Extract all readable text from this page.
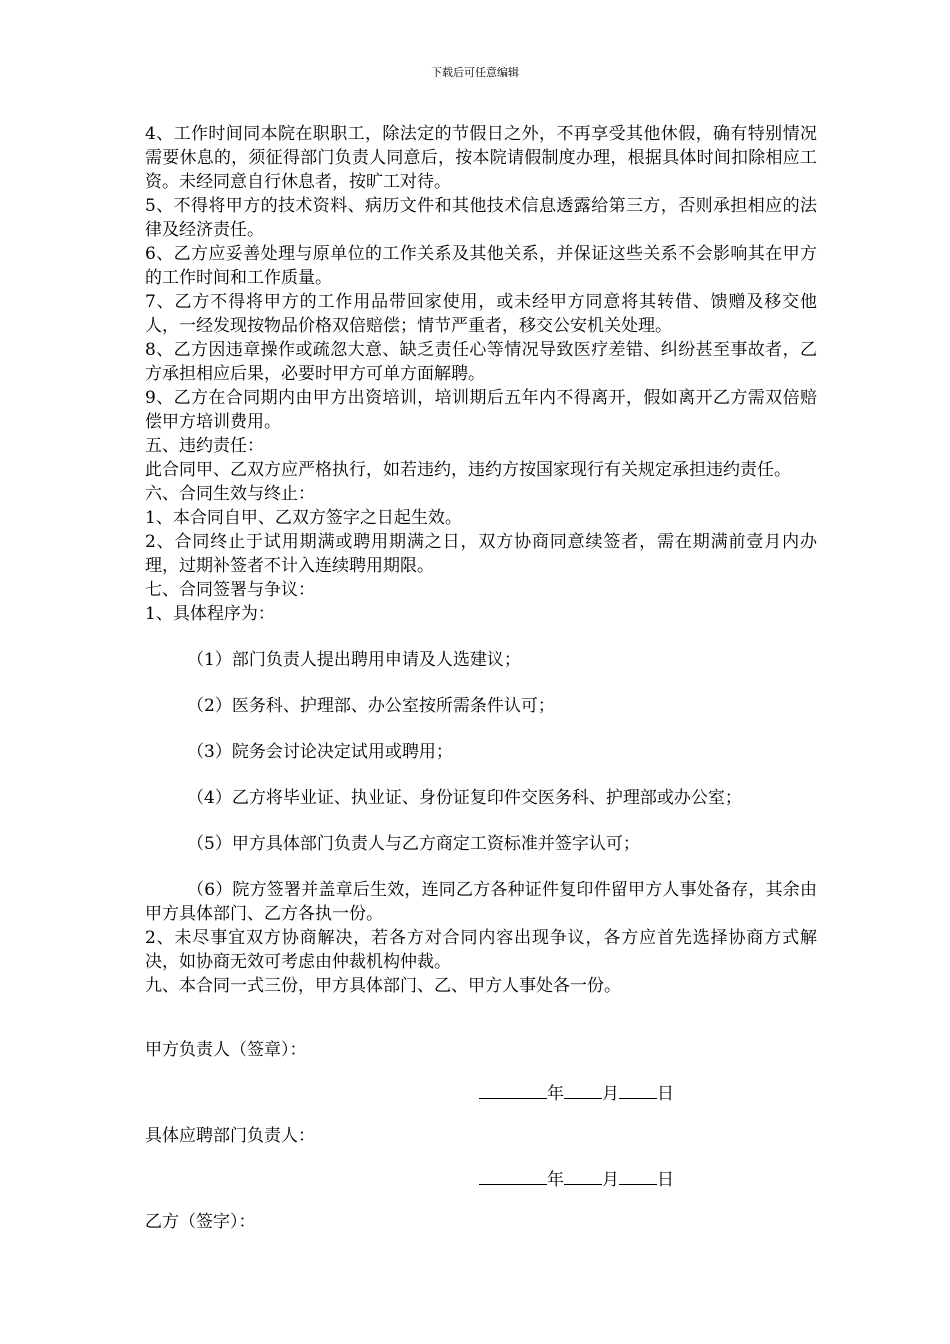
下载后可任意编辑

4、工作时间同本院在职职工，除法定的节假日之外，不再享受其他休假，确有特别情况需要休息的，须征得部门负责人同意后，按本院请假制度办理，根据具体时间扣除相应工资。未经同意自行休息者，按旷工对待。

5、不得将甲方的技术资料、病历文件和其他技术信息透露给第三方，否则承担相应的法律及经济责任。

6、乙方应妥善处理与原单位的工作关系及其他关系，并保证这些关系不会影响其在甲方的工作时间和工作质量。

7、乙方不得将甲方的工作用品带回家使用，或未经甲方同意将其转借、馈赠及移交他人，一经发现按物品价格双倍赔偿；情节严重者，移交公安机关处理。

8、乙方因违章操作或疏忽大意、缺乏责任心等情况导致医疗差错、纠纷甚至事故者，乙方承担相应后果，必要时甲方可单方面解聘。

9、乙方在合同期内由甲方出资培训，培训期后五年内不得离开，假如离开乙方需双倍赔偿甲方培训费用。

五、违约责任：

此合同甲、乙双方应严格执行，如若违约，违约方按国家现行有关规定承担违约责任。

六、合同生效与终止：

1、本合同自甲、乙双方签字之日起生效。

2、合同终止于试用期满或聘用期满之日，双方协商同意续签者，需在期满前壹月内办理，过期补签者不计入连续聘用期限。

七、合同签署与争议：

1、具体程序为：

（1）部门负责人提出聘用申请及人选建议；

（2）医务科、护理部、办公室按所需条件认可；

（3）院务会讨论决定试用或聘用；

（4）乙方将毕业证、执业证、身份证复印件交医务科、护理部或办公室；

（5）甲方具体部门负责人与乙方商定工资标准并签字认可；

（6）院方签署并盖章后生效，连同乙方各种证件复印件留甲方人事处备存，其余由甲方具体部门、乙方各执一份。

2、未尽事宜双方协商解决，若各方对合同内容出现争议，各方应首先选择协商方式解决，如协商无效可考虑由仲裁机构仲裁。

九、本合同一式三份，甲方具体部门、乙、甲方人事处各一份。

甲方负责人（签章）：

年 月 日

具体应聘部门负责人：

年 月 日

乙方（签字）：
